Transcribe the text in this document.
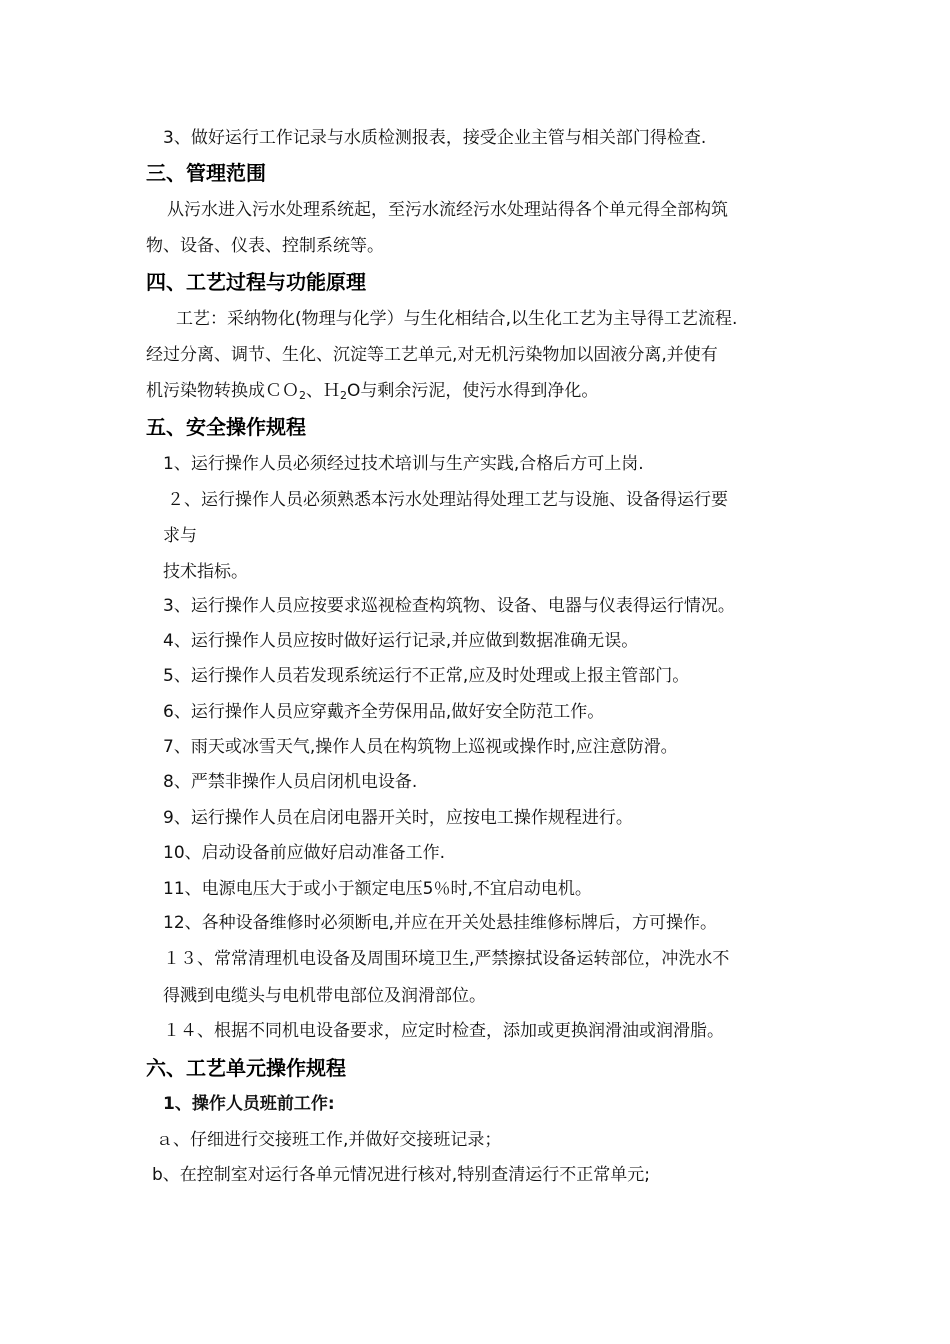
3、做好运行工作记录与水质检测报表，接受企业主管与相关部门得检查.
三、管理范围
从污水进入污水处理系统起，至污水流经污水处理站得各个单元得全部构筑
物、设备、仪表、控制系统等。
四、工艺过程与功能原理
工艺：采纳物化(物理与化学）与生化相结合,以生化工艺为主导得工艺流程.
经过分离、调节、生化、沉淀等工艺单元,对无机污染物加以固液分离,并使有
机污染物转换成ＣＯ$_2$、Ｈ$_2$O与剩余污泥，使污水得到净化。
五、安全操作规程
1、运行操作人员必须经过技术培训与生产实践,合格后方可上岗.
２、运行操作人员必须熟悉本污水处理站得处理工艺与设施、设备得运行要
求与
技术指标。
3、运行操作人员应按要求巡视检查构筑物、设备、电器与仪表得运行情况。
4、运行操作人员应按时做好运行记录,并应做到数据准确无误。
5、运行操作人员若发现系统运行不正常,应及时处理或上报主管部门。
6、运行操作人员应穿戴齐全劳保用品,做好安全防范工作。
7、雨天或冰雪天气,操作人员在构筑物上巡视或操作时,应注意防滑。
8、严禁非操作人员启闭机电设备.
9、运行操作人员在启闭电器开关时，应按电工操作规程进行。
10、启动设备前应做好启动准备工作.
11、电源电压大于或小于额定电压5％时,不宜启动电机。
12、各种设备维修时必须断电,并应在开关处悬挂维修标牌后，方可操作。
１３、常常清理机电设备及周围环境卫生,严禁擦拭设备运转部位，冲洗水不
得溅到电缆头与电机带电部位及润滑部位。
１４、根据不同机电设备要求，应定时检查，添加或更换润滑油或润滑脂。
六、工艺单元操作规程
1、操作人员班前工作:
ａ、仔细进行交接班工作,并做好交接班记录；
b、在控制室对运行各单元情况进行核对,特别查清运行不正常单元;
